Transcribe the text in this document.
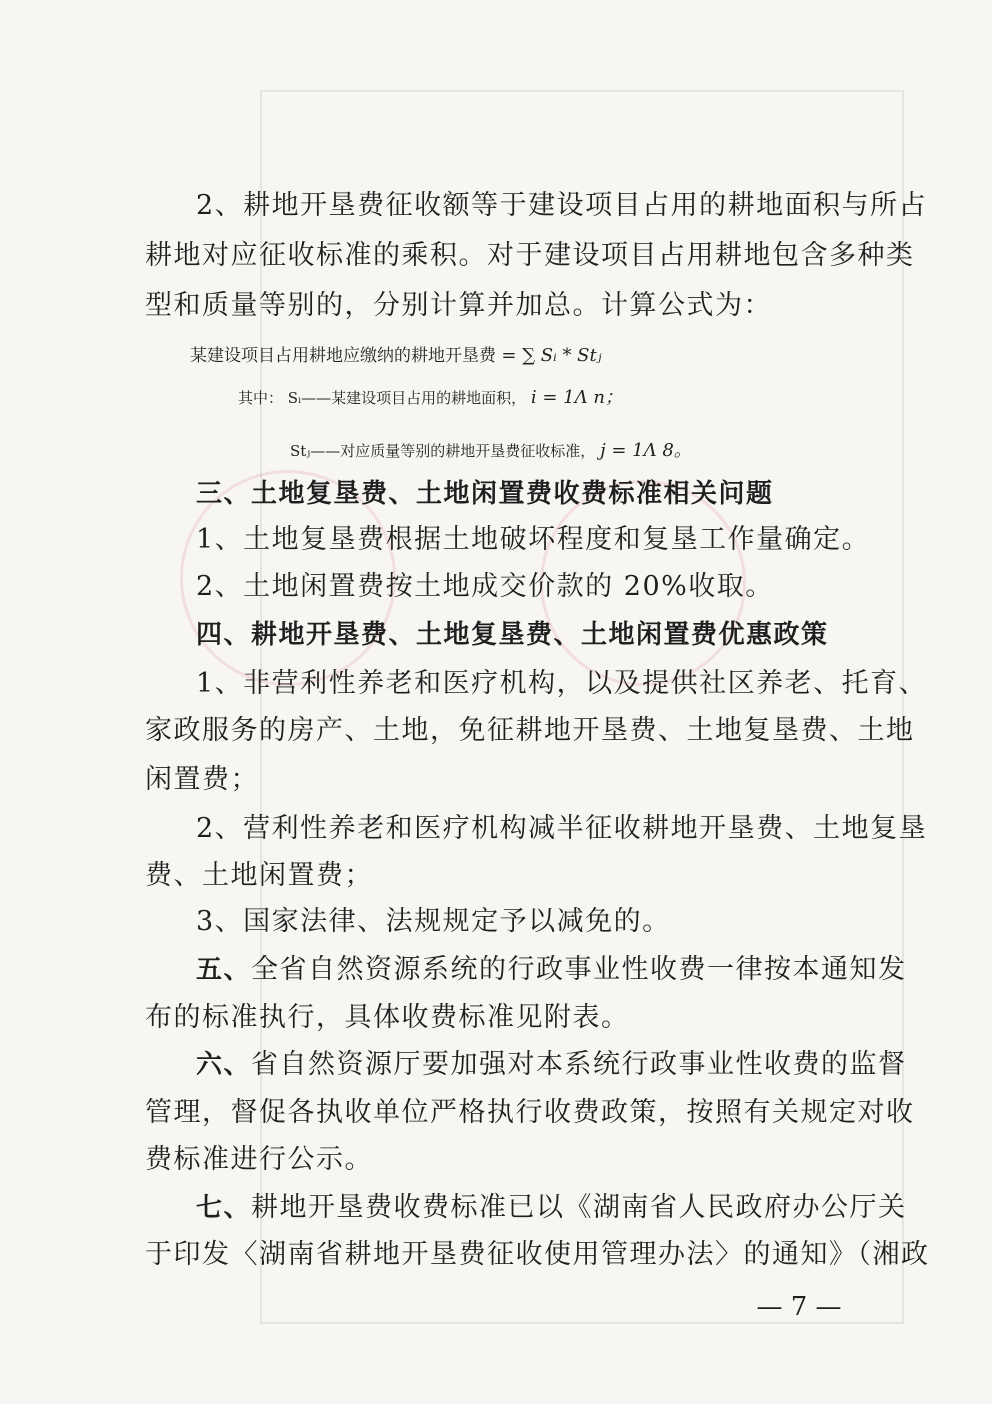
2、耕地开垦费征收额等于建设项目占用的耕地面积与所占
耕地对应征收标准的乘积。对于建设项目占用耕地包含多种类
型和质量等别的，分别计算并加总。计算公式为：
某建设项目占用耕地应缴纳的耕地开垦费 = ∑ Sᵢ * Stⱼ
其中： Sᵢ——某建设项目占用的耕地面积， i = 1Λ n；
Stⱼ——对应质量等别的耕地开垦费征收标准， j = 1Λ 8。
三、土地复垦费、土地闲置费收费标准相关问题
1、土地复垦费根据土地破坏程度和复垦工作量确定。
2、土地闲置费按土地成交价款的 20%收取。
四、耕地开垦费、土地复垦费、土地闲置费优惠政策
1、非营利性养老和医疗机构，以及提供社区养老、托育、
家政服务的房产、土地，免征耕地开垦费、土地复垦费、土地
闲置费；
2、营利性养老和医疗机构减半征收耕地开垦费、土地复垦
费、土地闲置费；
3、国家法律、法规规定予以减免的。
五、全省自然资源系统的行政事业性收费一律按本通知发
布的标准执行，具体收费标准见附表。
六、省自然资源厅要加强对本系统行政事业性收费的监督
管理，督促各执收单位严格执行收费政策，按照有关规定对收
费标准进行公示。
七、耕地开垦费收费标准已以《湖南省人民政府办公厅关
于印发〈湖南省耕地开垦费征收使用管理办法〉的通知》（湘政
— 7 —
